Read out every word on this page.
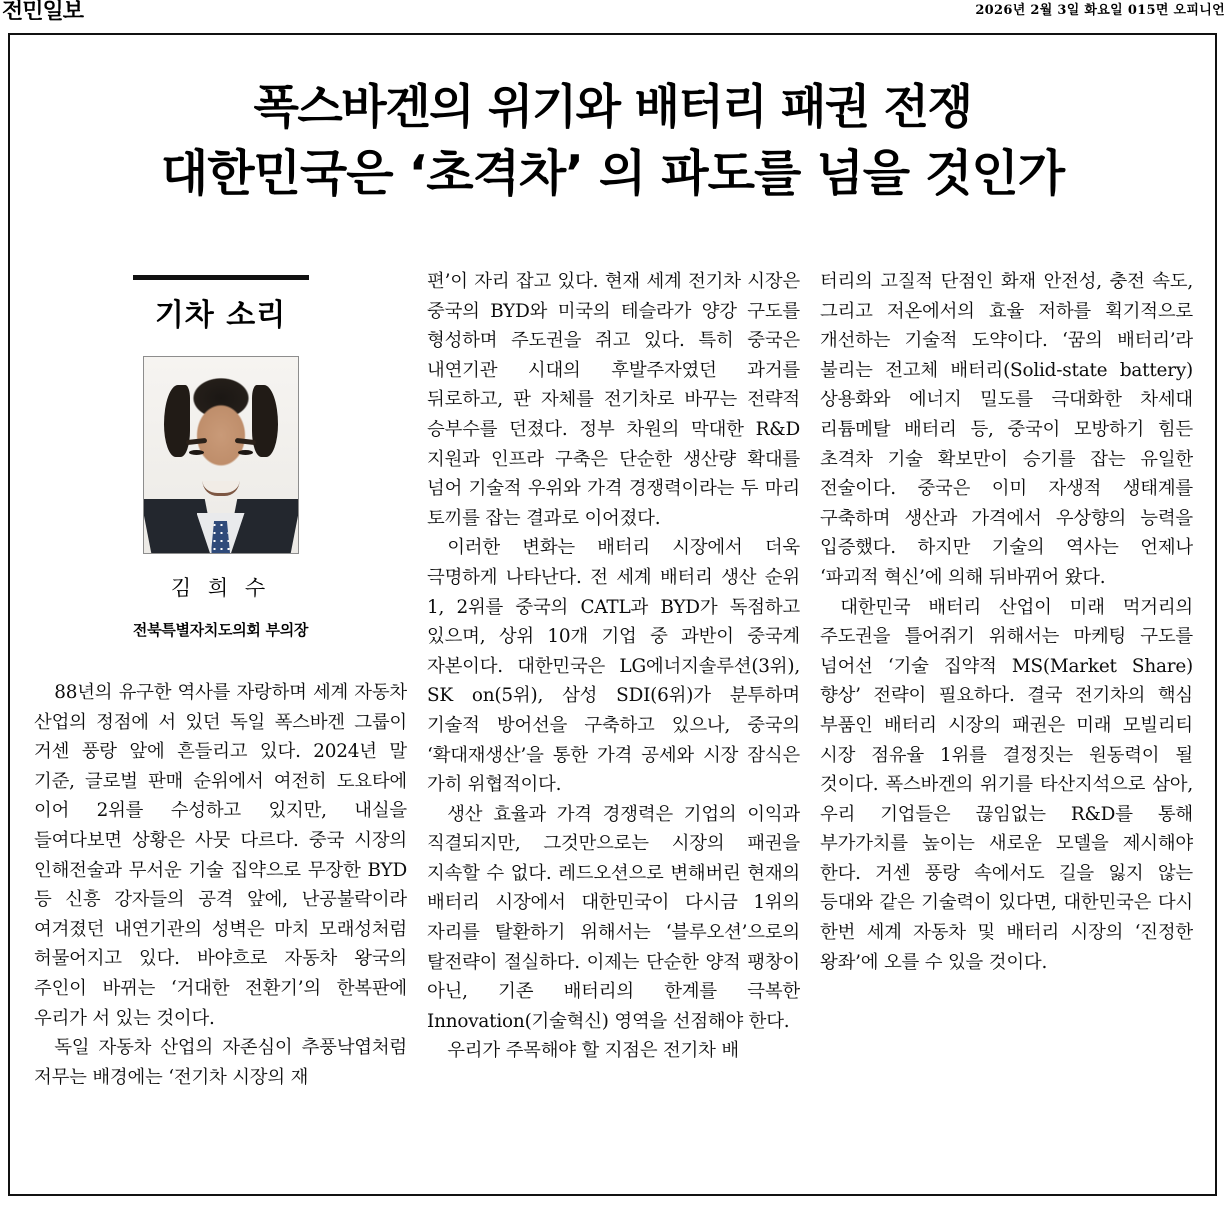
전민일보	2026년 2월 3일 화요일 015면 오피니언
폭스바겐의 위기와 배터리 패권 전쟁
대한민국은 ‘초격차’ 의 파도를 넘을 것인가
기차 소리
김 희 수
전북특별자치도의회 부의장

88년의 유구한 역사를 자랑하며 세계 자동차 산업의 정점에 서 있던 독일 폭스바겐 그룹이 거센 풍랑 앞에 흔들리고 있다. 2024년 말 기준, 글로벌 판매 순위에서 여전히 도요타에 이어 2위를 수성하고 있지만, 내실을 들여다보면 상황은 사뭇 다르다. 중국 시장의 인해전술과 무서운 기술 집약으로 무장한 BYD 등 신흥 강자들의 공격 앞에, 난공불락이라 여겨졌던 내연기관의 성벽은 마치 모래성처럼 허물어지고 있다. 바야흐로 자동차 왕국의 주인이 바뀌는 ‘거대한 전환기’의 한복판에 우리가 서 있는 것이다.

독일 자동차 산업의 자존심이 추풍낙엽처럼 저무는 배경에는 ‘전기차 시장의 재

편’이 자리 잡고 있다. 현재 세계 전기차 시장은 중국의 BYD와 미국의 테슬라가 양강 구도를 형성하며 주도권을 쥐고 있다. 특히 중국은 내연기관 시대의 후발주자였던 과거를 뒤로하고, 판 자체를 전기차로 바꾸는 전략적 승부수를 던졌다. 정부 차원의 막대한 R&D 지원과 인프라 구축은 단순한 생산량 확대를 넘어 기술적 우위와 가격 경쟁력이라는 두 마리 토끼를 잡는 결과로 이어졌다.

이러한 변화는 배터리 시장에서 더욱 극명하게 나타난다. 전 세계 배터리 생산 순위 1, 2위를 중국의 CATL과 BYD가 독점하고 있으며, 상위 10개 기업 중 과반이 중국계 자본이다. 대한민국은 LG에너지솔루션(3위), SK on(5위), 삼성 SDI(6위)가 분투하며 기술적 방어선을 구축하고 있으나, 중국의 ‘확대재생산’을 통한 가격 공세와 시장 잠식은 가히 위협적이다.

생산 효율과 가격 경쟁력은 기업의 이익과 직결되지만, 그것만으로는 시장의 패권을 지속할 수 없다. 레드오션으로 변해버린 현재의 배터리 시장에서 대한민국이 다시금 1위의 자리를 탈환하기 위해서는 ‘블루오션’으로의 탈전략이 절실하다. 이제는 단순한 양적 팽창이 아닌, 기존 배터리의 한계를 극복한 Innovation(기술혁신) 영역을 선점해야 한다.

우리가 주목해야 할 지점은 전기차 배

터리의 고질적 단점인 화재 안전성, 충전 속도, 그리고 저온에서의 효율 저하를 획기적으로 개선하는 기술적 도약이다. ‘꿈의 배터리’라 불리는 전고체 배터리(Solid-state battery) 상용화와 에너지 밀도를 극대화한 차세대 리튬메탈 배터리 등, 중국이 모방하기 힘든 초격차 기술 확보만이 승기를 잡는 유일한 전술이다. 중국은 이미 자생적 생태계를 구축하며 생산과 가격에서 우상향의 능력을 입증했다. 하지만 기술의 역사는 언제나 ‘파괴적 혁신’에 의해 뒤바뀌어 왔다.

대한민국 배터리 산업이 미래 먹거리의 주도권을 틀어쥐기 위해서는 마케팅 구도를 넘어선 ‘기술 집약적 MS(Market Share) 향상’ 전략이 필요하다. 결국 전기차의 핵심 부품인 배터리 시장의 패권은 미래 모빌리티 시장 점유율 1위를 결정짓는 원동력이 될 것이다. 폭스바겐의 위기를 타산지석으로 삼아, 우리 기업들은 끊임없는 R&D를 통해 부가가치를 높이는 새로운 모델을 제시해야 한다. 거센 풍랑 속에서도 길을 잃지 않는 등대와 같은 기술력이 있다면, 대한민국은 다시 한번 세계 자동차 및 배터리 시장의 ‘진정한 왕좌’에 오를 수 있을 것이다.
